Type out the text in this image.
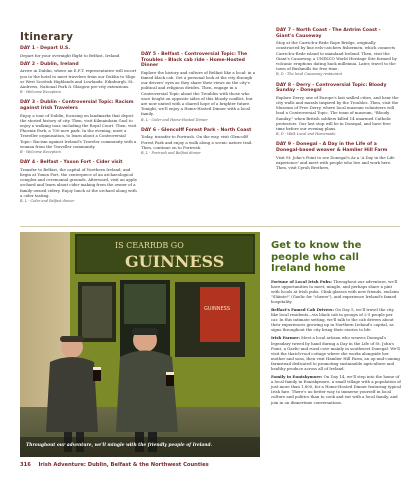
Itinerary
DAY 1 - Depart U.S.

Depart for your overnight flight to Belfast, Ireland

DAY 2 - Dublin, Ireland

Arrive in Dublin, where an E.F.T. representative will escort you to the hotel to meet travelers from our Dublin to Sligo or West Scottish Highlands and Lowlands: Edinburgh, St. Andrews, National Park & Glasgow pre-city extensions.

B - Welcome Reception

DAY 3 - Dublin - Controversial Topic: Racism against Irish Travelers

Enjoy a tour of Dublin, focusing on landmarks that depict the storied history of city. Then, visit Kilmainham Gaol to enjoy a walking tour, including the Royal Court. Then, visit Phoenix Park, a 700-acre park. In the evening, meet a Traveller organisation, to learn about a Controversial Topic: Racism against Ireland's Traveler community with a woman from the Traveller community.

B - Welcome Reception

DAY 4 - Belfast - Yaxon Fort - Cider visit

Transfer to Belfast, the capital of Northern Ireland, and begin at Yoxon Fort, the centerpiece of an archaeological complex and ceremonial grounds. Afterward, visit an apple orchard and learn about cider making from the owner of a family-owned cidery. Enjoy lunch at the orchard along with a cider tasting.

B, L - Cider and Belfast dinner

DAY 5 - Belfast - Controversial Topic: The Troubles - Black cab ride - Home-Hosted Dinner

Explore the history and culture of Belfast like a local: in a famed black cab. Get a personal look at the city through our drivers' eyes as they share their views on the city's political and religious divides. Then, engage in a Controversial Topic about the Troubles with those who once fought on opposite sides of this bloody conflict, but are now united with a shared hope of a brighter future. Tonight, we'll enjoy a Home-Hosted Dinner with a local family.

B, L - Cider and Home-Hosted Dinner

DAY 6 - Glencolff Forest Park - North Coast

Today, transfer to Portrush. On the way, visit Glencolff Forest Park and enjoy a walk along a scenic nature trail. Then, continue on to Portrush.

B, L - Portrush and Belfast dinner

DAY 7 - North Coast - The Antrim Coast - Giant's Causeway

Stop at the Carrick-a-Rede Rope Bridge, originally constructed by line eels-catchers fishermen, which connects Carrick-a-Rede island to mainland Ireland. Then, visit the Giant's Causeway, a UNESCO World Heritage Site formed by volcanic eruptions dating back millennia. Later, travel to the town of Bushmills for free time.

B, D - The local Causeway restaurant

DAY 8 - Derry - Controversial Topic: Bloody Sunday - Donegal

Explore Derry, one of Europe's last walled cities, and hear the city walls and murals inspired by the Troubles. Then, visit the Museum of Free Derry, where local museum volunteers will lead a Controversial Topic. The team of museum, "Bloody Sunday," when British soldiers killed 14 unarmed Catholic protestors. Our last stop will be in Donegal, and have free time before our evening plans.

B, D - Walk Local and Homemade

DAY 9 - Donegal - A Day in the Life of a Donegal-based weaver & Hamlier Hill Farm

Visit St. John's Point to see Donegal's Ar a 'A Day in the Life experience' and meet with people who live and work here. Then, visit Cyrah Brothers,

IS CEARRDB GO
GUINNESS
GUINNESS
Throughout our adventure, we'll mingle with the friendly people of Ireland.
Get to know the people who call Ireland home

Fortune of Local Irish Pubs: Throughout our adventure, we'll have opportunities to meet, mingle, and perhaps share a pint with locals at Irish pubs. Clink glasses with new friends, exclaim "Sláinte!" (Gaelic for "cheers"), and experience Ireland's famed hospitality.

Belfast's Famed Cab Drivers: On Day 5, we'll travel the city like local residents—via black cab in groups of 2-5 people per car. In this intimate setting, we'll talk to the cab drivers about their experiences growing up in Northern Ireland's capital, as signs throughout the city bring their stories to life.

Irish Farmer: Meet a local artisan who weaves Donegal's legendary tweed by hand during a Day in the Life of St. John's Point, a Gaelic-and rural cove mainly in southwest Donegal. We'll visit the thatch-roof cottage where she works alongside her mother and sons, then visit Hamlier Hill Farm, an up-and-coming farmstead dedicated to promoting sustainable agriculture and healthy produce across all of Ireland.

Family in Enniskymore: On Day 14, we'll step into the home of a local family in Enniskymore, a small village with a population of just more than 1,800, for a Home-Hosted Dinner featuring typical Irish fare. There's no better way to immerse yourself in local culture and politics than to cook and eat with a local family, and join in on dinnertime conversations.

316 Irish Adventure: Dublin, Belfast & the Northwest Counties
